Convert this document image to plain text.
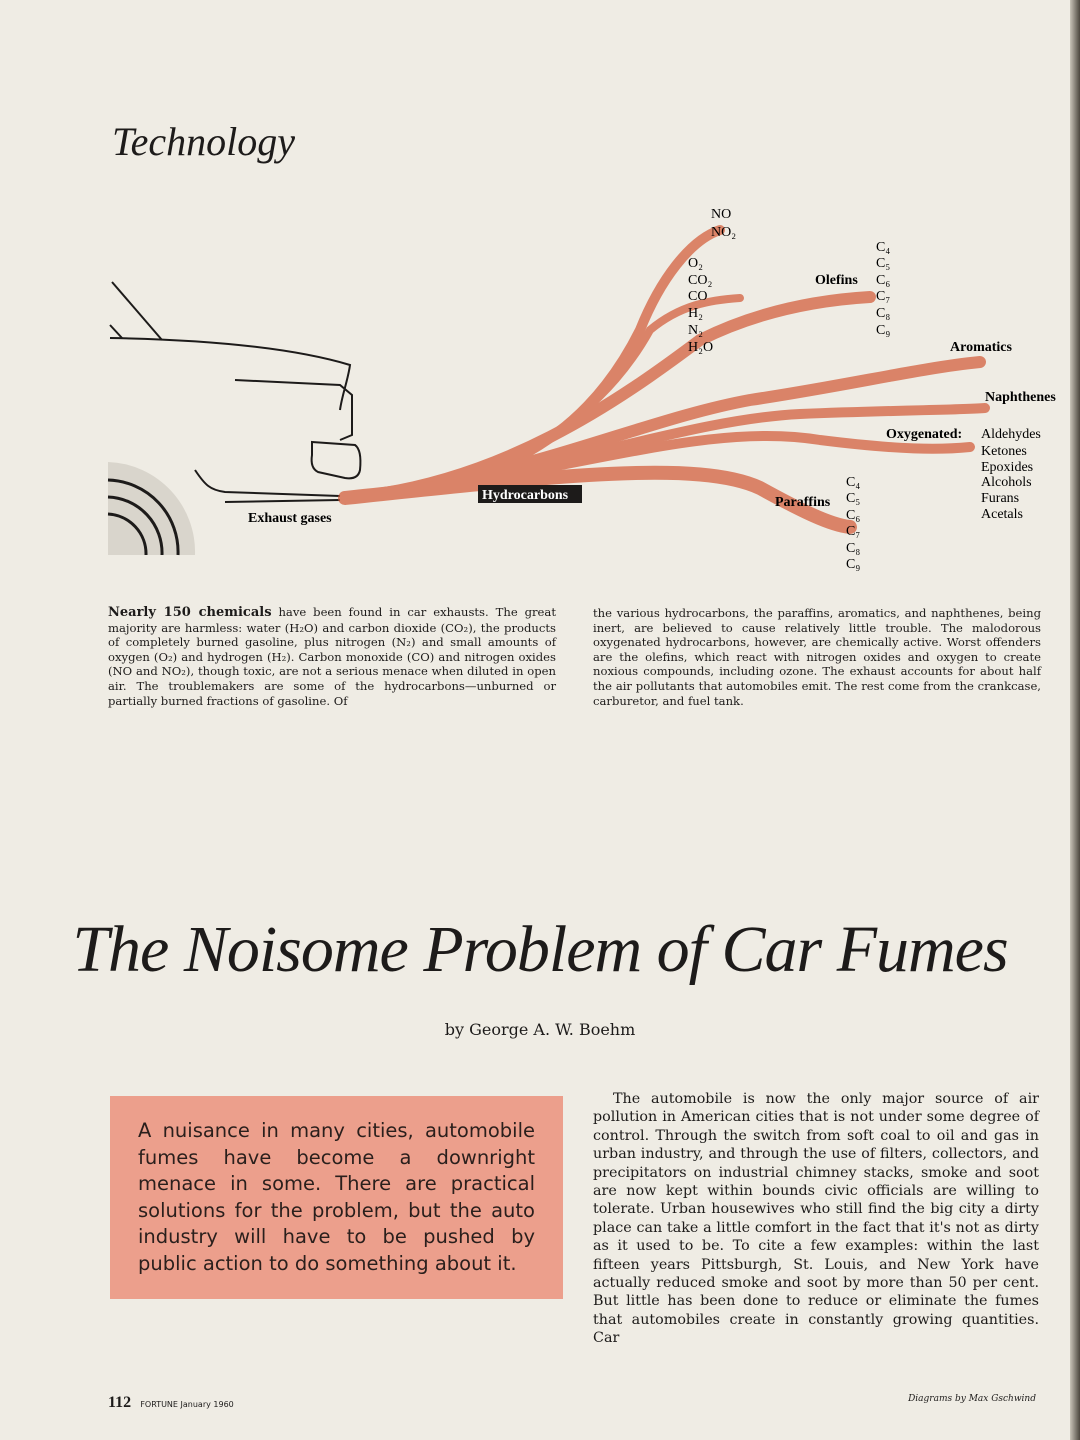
Technology
Exhaust gases
Hydrocarbons
NO
NO₂
O₂
CO₂
CO
H₂
N₂
H₂O
Olefins
C₄
C₅
C₆
C₇
C₈
C₉
Aromatics
Naphthenes
Oxygenated: Aldehydes
Ketones
Epoxides
Alcohols
Furans
Acetals
Paraffins
C₄
C₅
C₆
C₇
C₈
C₉
Nearly 150 chemicals have been found in car exhausts. The great majority are harmless: water (H₂O) and carbon dioxide (CO₂), the products of completely burned gasoline, plus nitrogen (N₂) and small amounts of oxygen (O₂) and hydrogen (H₂). Carbon monoxide (CO) and nitrogen oxides (NO and NO₂), though toxic, are not a serious menace when diluted in open air. The troublemakers are some of the hydrocarbons—unburned or partially burned fractions of gasoline. Of
the various hydrocarbons, the paraffins, aromatics, and naphthenes, being inert, are believed to cause relatively little trouble. The malodorous oxygenated hydrocarbons, however, are chemically active. Worst offenders are the olefins, which react with nitrogen oxides and oxygen to create noxious compounds, including ozone. The exhaust accounts for about half the air pollutants that automobiles emit. The rest come from the crankcase, carburetor, and fuel tank.
The Noisome Problem of Car Fumes
by George A. W. Boehm
A nuisance in many cities, automobile fumes have become a downright menace in some. There are practical solutions for the problem, but the auto industry will have to be pushed by public action to do something about it.
The automobile is now the only major source of air pollution in American cities that is not under some degree of control. Through the switch from soft coal to oil and gas in urban industry, and through the use of filters, collectors, and precipitators on industrial chimney stacks, smoke and soot are now kept within bounds civic officials are willing to tolerate. Urban housewives who still find the big city a dirty place can take a little comfort in the fact that it's not as dirty as it used to be. To cite a few examples: within the last fifteen years Pittsburgh, St. Louis, and New York have actually reduced smoke and soot by more than 50 per cent. But little has been done to reduce or eliminate the fumes that automobiles create in constantly growing quantities. Car
112 FORTUNE January 1960
Diagrams by Max Gschwind
